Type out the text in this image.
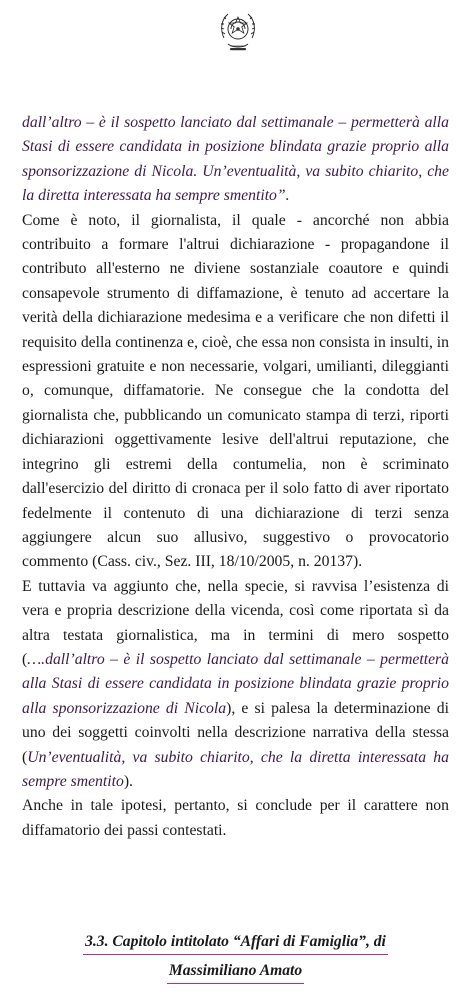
dall’altro – è il sospetto lanciato dal settimanale – permetterà alla Stasi di essere candidata in posizione blindata grazie proprio alla sponsorizzazione di Nicola. Un’eventualità, va subito chiarito, che la diretta interessata ha sempre smentito”.

Come è noto, il giornalista, il quale - ancorché non abbia contribuito a formare l'altrui dichiarazione - propagandone il contributo all'esterno ne diviene sostanziale coautore e quindi consapevole strumento di diffamazione, è tenuto ad accertare la verità della dichiarazione medesima e a verificare che non difetti il requisito della continenza e, cioè, che essa non consista in insulti, in espressioni gratuite e non necessarie, volgari, umilianti, dileggianti o, comunque, diffamatorie. Ne consegue che la condotta del giornalista che, pubblicando un comunicato stampa di terzi, riporti dichiarazioni oggettivamente lesive dell'altrui reputazione, che integrino gli estremi della contumelia, non è scriminato dall'esercizio del diritto di cronaca per il solo fatto di aver riportato fedelmente il contenuto di una dichiarazione di terzi senza aggiungere alcun suo allusivo, suggestivo o provocatorio commento (Cass. civ., Sez. III, 18/10/2005, n. 20137).

E tuttavia va aggiunto che, nella specie, si ravvisa l’esistenza di vera e propria descrizione della vicenda, così come riportata sì da altra testata giornalistica, ma in termini di mero sospetto (….dall’altro – è il sospetto lanciato dal settimanale – permetterà alla Stasi di essere candidata in posizione blindata grazie proprio alla sponsorizzazione di Nicola), e si palesa la determinazione di uno dei soggetti coinvolti nella descrizione narrativa della stessa (Un’eventualità, va subito chiarito, che la diretta interessata ha sempre smentito).

Anche in tale ipotesi, pertanto, si conclude per il carattere non diffamatorio dei passi contestati.

3.3. Capitolo intitolato “Affari di Famiglia”, di
Massimiliano Amato
